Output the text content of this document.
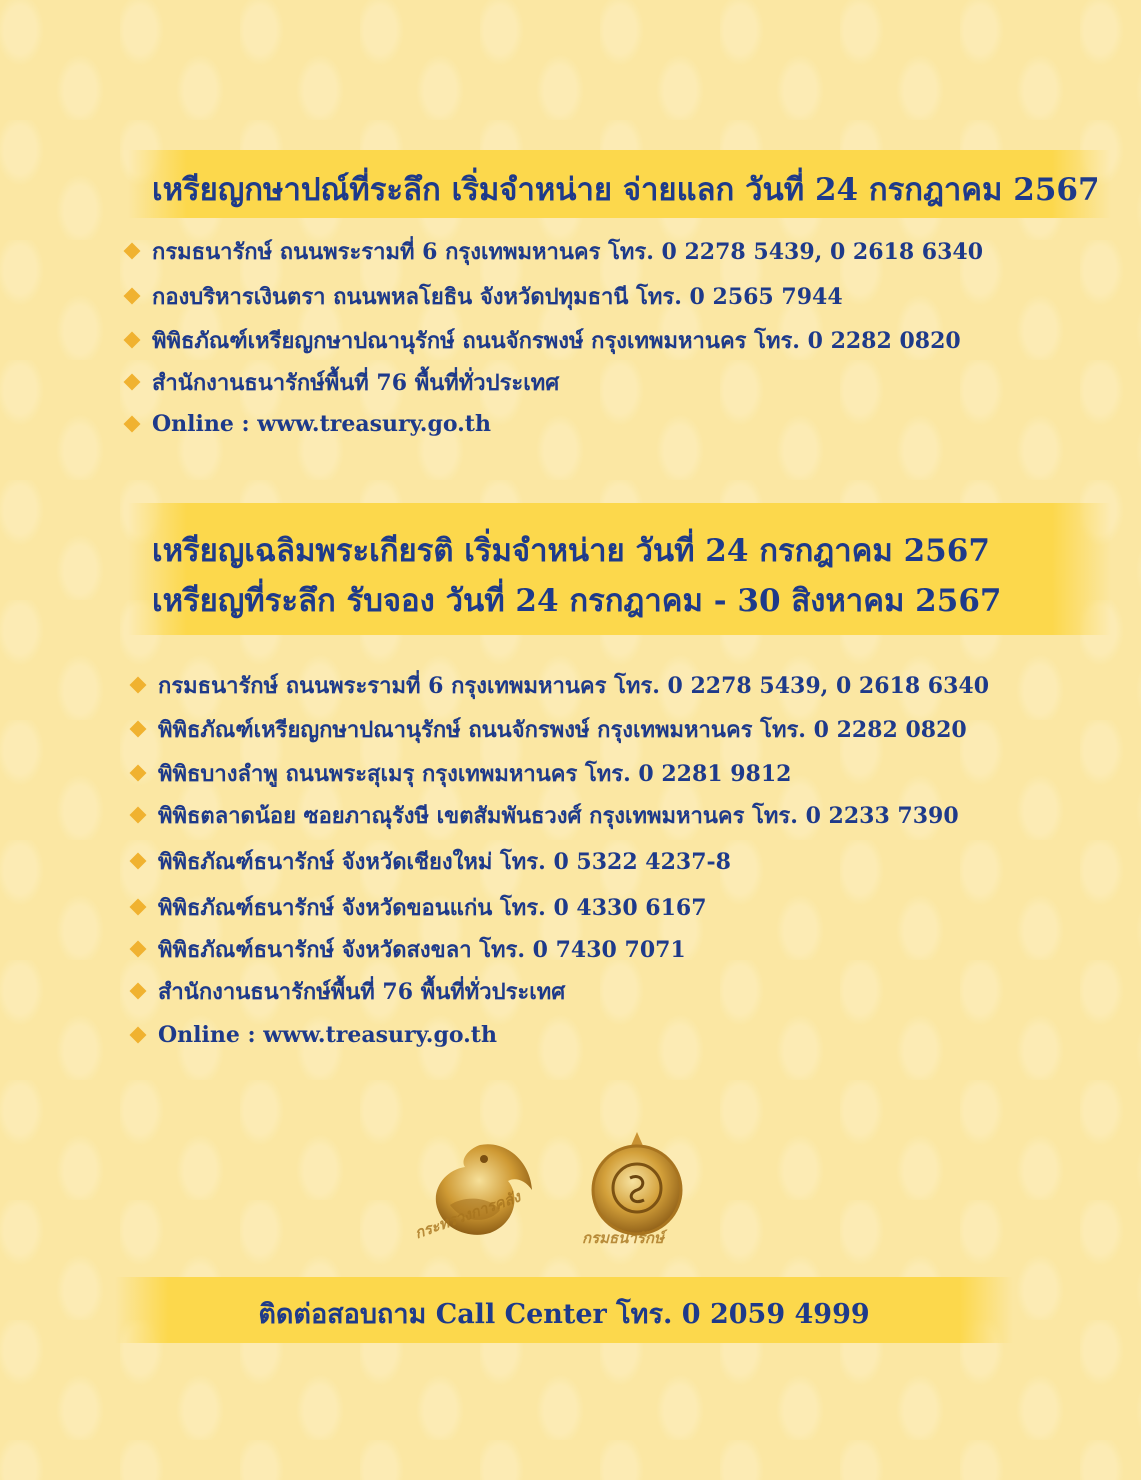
เหรียญกษาปณ์ที่ระลึก เริ่มจำหน่าย จ่ายแลก วันที่ 24 กรกฎาคม 2567
กรมธนารักษ์ ถนนพระรามที่ 6 กรุงเทพมหานคร โทร. 0 2278 5439, 0 2618 6340
กองบริหารเงินตรา ถนนพหลโยธิน จังหวัดปทุมธานี โทร. 0 2565 7944
พิพิธภัณฑ์เหรียญกษาปณานุรักษ์ ถนนจักรพงษ์ กรุงเทพมหานคร โทร. 0 2282 0820
สำนักงานธนารักษ์พื้นที่ 76 พื้นที่ทั่วประเทศ
Online : www.treasury.go.th
เหรียญเฉลิมพระเกียรติ เริ่มจำหน่าย วันที่ 24 กรกฎาคม 2567
เหรียญที่ระลึก รับจอง วันที่ 24 กรกฎาคม - 30 สิงหาคม 2567
กรมธนารักษ์ ถนนพระรามที่ 6 กรุงเทพมหานคร โทร. 0 2278 5439, 0 2618 6340
พิพิธภัณฑ์เหรียญกษาปณานุรักษ์ ถนนจักรพงษ์ กรุงเทพมหานคร โทร. 0 2282 0820
พิพิธบางลำพู ถนนพระสุเมรุ กรุงเทพมหานคร โทร. 0 2281 9812
พิพิธตลาดน้อย ซอยภาณุรังษี เขตสัมพันธวงศ์ กรุงเทพมหานคร โทร. 0 2233 7390
พิพิธภัณฑ์ธนารักษ์ จังหวัดเชียงใหม่ โทร. 0 5322 4237-8
พิพิธภัณฑ์ธนารักษ์ จังหวัดขอนแก่น โทร. 0 4330 6167
พิพิธภัณฑ์ธนารักษ์ จังหวัดสงขลา โทร. 0 7430 7071
สำนักงานธนารักษ์พื้นที่ 76 พื้นที่ทั่วประเทศ
Online : www.treasury.go.th
กระทรวงการคลัง	กรมธนารักษ์
ติดต่อสอบถาม Call Center โทร. 0 2059 4999
